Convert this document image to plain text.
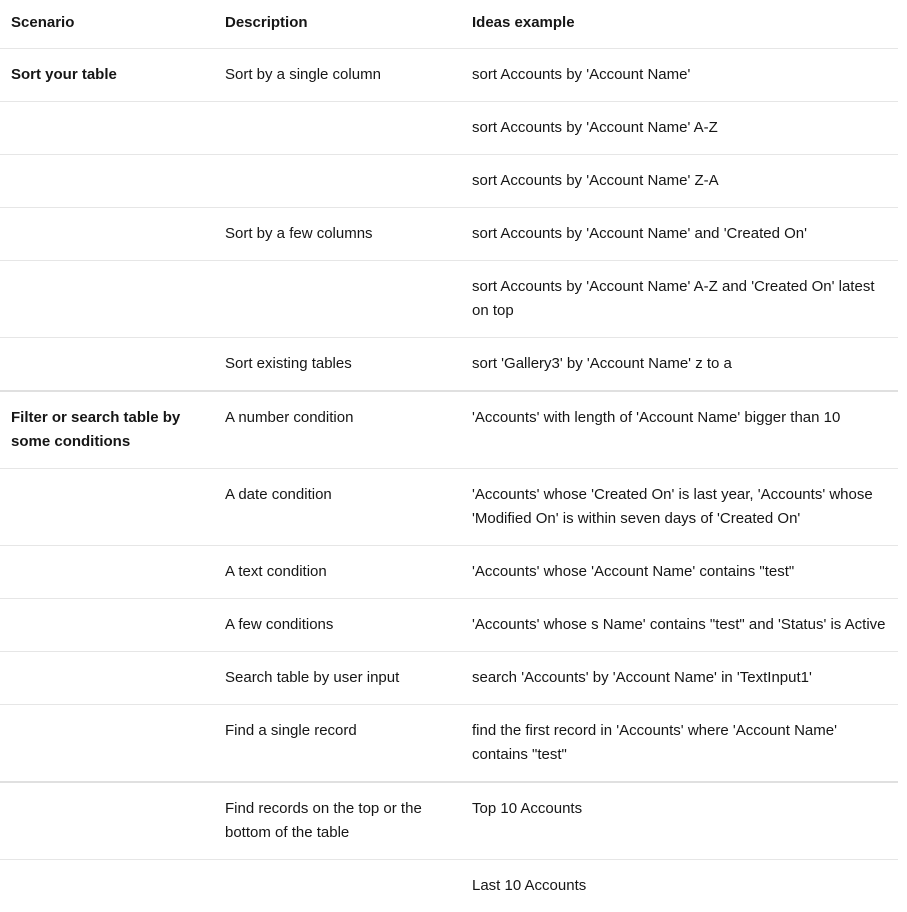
Scenario	Description	Ideas example
Sort your table	Sort by a single column	sort Accounts by 'Account Name'
		sort Accounts by 'Account Name' A-Z
		sort Accounts by 'Account Name' Z-A
	Sort by a few columns	sort Accounts by 'Account Name' and 'Created On'
		sort Accounts by 'Account Name' A-Z and 'Created On' latest on top
	Sort existing tables	sort 'Gallery3' by 'Account Name' z to a
Filter or search table by some conditions	A number condition	'Accounts' with length of 'Account Name' bigger than 10
	A date condition	'Accounts' whose 'Created On' is last year, 'Accounts' whose 'Modified On' is within seven days of 'Created On'
	A text condition	'Accounts' whose 'Account Name' contains "test"
	A few conditions	'Accounts' whose s Name' contains "test" and 'Status' is Active
	Search table by user input	search 'Accounts' by 'Account Name' in 'TextInput1'
	Find a single record	find the first record in 'Accounts' where 'Account Name' contains "test"
	Find records on the top or the bottom of the table	Top 10 Accounts
		Last 10 Accounts
